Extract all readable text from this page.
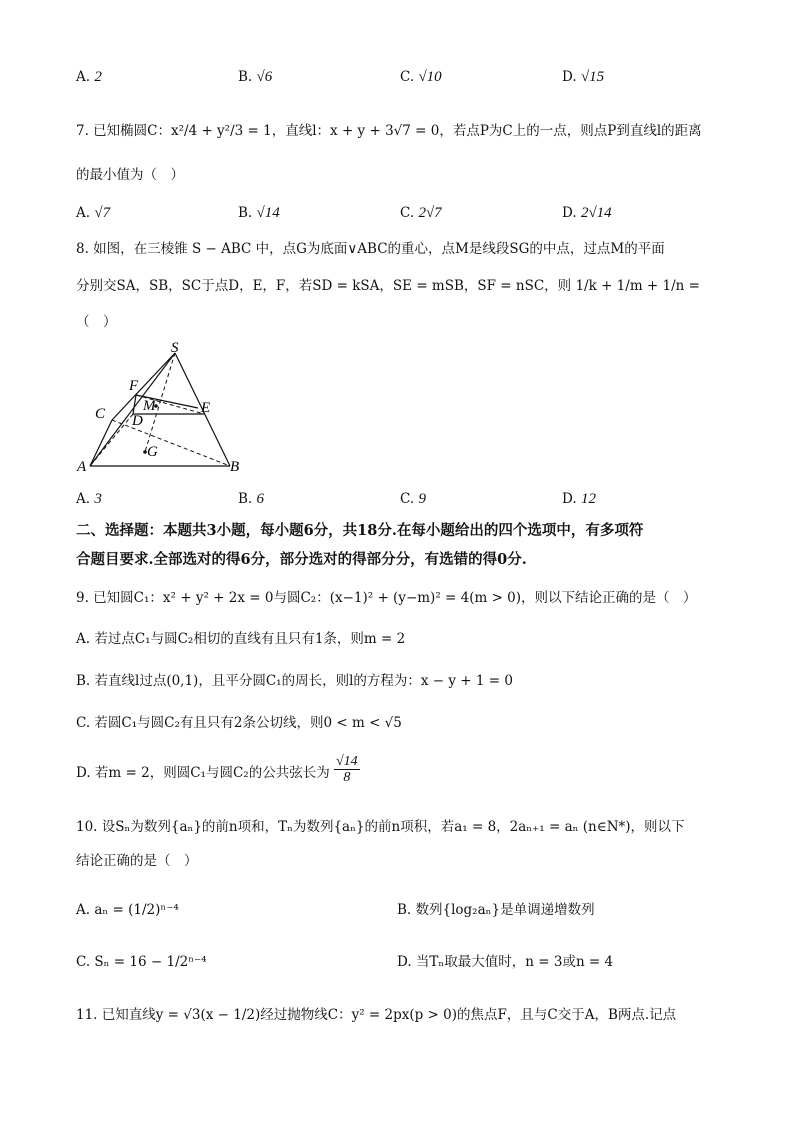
A. 2	B. √6	C. √10	D. √15
7. 已知椭圆C：x²/4 + y²/3 = 1，直线l：x + y + 3√7 = 0，若点P为C上的一点，则点P到直线l的距离
的最小值为（　）
A. √7	B. √14	C. 2√7	D. 2√14
8. 如图，在三棱锥 S − ABC 中，点G为底面∨ABC的重心，点M是线段SG的中点，过点M的平面
分别交SA，SB，SC于点D，E，F，若SD = kSA，SE = mSB，SF = nSC，则 1/k + 1/m + 1/n =
（　）
S
F
M	E
C D
G
A	B
A. 3	B. 6	C. 9	D. 12
二、选择题：本题共3小题，每小题6分，共18分.在每小题给出的四个选项中，有多项符
合题目要求.全部选对的得6分，部分选对的得部分分，有选错的得0分.
9. 已知圆C₁：x² + y² + 2x = 0与圆C₂：(x−1)² + (y−m)² = 4(m > 0)，则以下结论正确的是（　）
A. 若过点C₁与圆C₂相切的直线有且只有1条，则m = 2
B. 若直线l过点(0,1)，且平分圆C₁的周长，则l的方程为：x − y + 1 = 0
C. 若圆C₁与圆C₂有且只有2条公切线，则0 < m < √5
D. 若m = 2，则圆C₁与圆C₂的公共弦长为 $\frac{√14}{8}$
10. 设Sₙ为数列{aₙ}的前n项和，Tₙ为数列{aₙ}的前n项积，若a₁ = 8，2aₙ₊₁ = aₙ (n∈N*)，则以下
结论正确的是（　）
A. aₙ = (1/2)ⁿ⁻⁴	B. 数列{log₂aₙ}是单调递增数列
C. Sₙ = 16 − 1/2ⁿ⁻⁴	D. 当Tₙ取最大值时，n = 3或n = 4
11. 已知直线y = √3(x − 1/2)经过抛物线C：y² = 2px(p > 0)的焦点F，且与C交于A，B两点.记点
